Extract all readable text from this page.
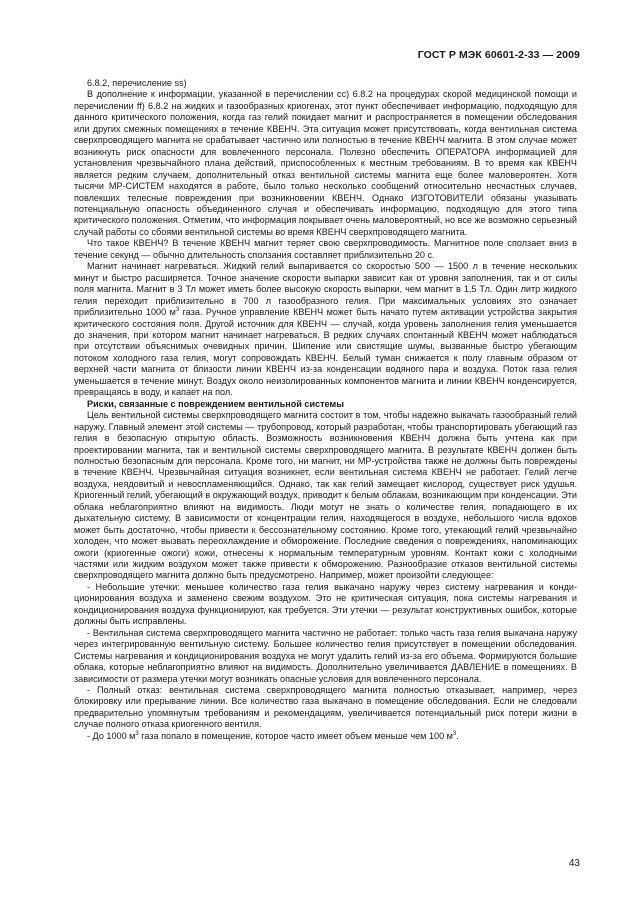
ГОСТ Р МЭК 60601-2-33 — 2009

6.8.2, перечисление ss)

В дополнение к информации, указанной в перечислении cc) 6.8.2 на процедурах скорой медицинской помощи и перечислении ff) 6.8.2 на жидких и газообразных криогенах, этот пункт обеспечивает информацию, подходящую для данного критического положения, когда газ гелий покидает магнит и распространяется в помещении обследования или других смежных помещениях в течение КВЕНЧ. Эта ситуация может присутствовать, когда вентильная система сверхпроводящего магнита не срабатывает частично или полностью в течение КВЕНЧ магнита. В этом случае может возникнуть риск опасности для вовлеченного персонала. Полезно обеспечить ОПЕРАТОРА информацией для установления чрезвычайного плана действий, приспособленных к местным требованиям. В то время как КВЕНЧ является редким случаем, дополнительный отказ вентильной системы магнита еще более маловероятен. Хотя тысячи МР-СИСТЕМ находятся в работе, было только несколько сообщений относительно несчастных случаев, повлекших телесные повреждения при возникновении КВЕНЧ. Однако ИЗГОТОВИТЕЛИ обязаны указывать потенциальную опасность объединенного случая и обеспечивать информацию, подходящую для этого типа критического положения. Отметим, что информация покрывает очень маловероятный, но все же возможно серьезный случай работы со сбоями вентильной системы во время КВЕНЧ сверхпроводящего магнита.

Что такое КВЕНЧ? В течение КВЕНЧ магнит теряет свою сверхпроводимость. Магнитное поле сползает вниз в течение секунд — обычно длительность сползания составляет приблизительно 20 с.

Магнит начинает нагреваться. Жидкий гелий выпаривается со скоростью 500 — 1500 л в течение нескольких минут и быстро расширяется. Точное значение скорости выпарки зависит как от уровня заполнения, так и от силы поля магнита. Магнит в 3 Тл может иметь более высокую скорость выпарки, чем магнит в 1,5 Тл. Один литр жидкого гелия переходит приблизительно в 700 л газообразного гелия. При максимальных условиях это означает приблизительно 1000 $м^3$ газа. Ручное управление КВЕНЧ может быть начато путем активации устройства закрытия критического состояния поля. Другой источник для КВЕНЧ — случай, когда уровень заполнения гелия уменьшается до значения, при котором магнит начинает нагреваться. В редких случаях спонтанный КВЕНЧ может наблюдаться при отсутствии объяснимых очевидных причин. Шипение или свистящие шумы, вызванные быстро убегающим потоком холодного газа гелия, могут сопровождать КВЕНЧ. Белый туман снижается к полу главным образом от верхней части магнита от близости линии КВЕНЧ из-за конденсации водяного пара и воздуха. Поток газа гелия уменьшается в течение минут. Воздух около неизолированных компонентов магнита и линии КВЕНЧ конденсируется, превращаясь в воду, и капает на пол.

Риски, связанные с повреждением вентильной системы

Цель вентильной системы сверхпроводящего магнита состоит в том, чтобы надежно выкачать газообразный гелий наружу. Главный элемент этой системы — трубопровод, который разработан, чтобы транспортировать убегающий газ гелия в безопасную открытую область. Возможность возникновения КВЕНЧ должна быть учтена как при проектировании магнита, так и вентильной системы сверхпроводящего магнита. В результате КВЕНЧ должен быть полностью безопасным для персонала. Кроме того, ни магнит, ни МР-устройства также не должны быть повреждены в течение КВЕНЧ. Чрезвычайная ситуация возникнет, если вентильная система КВЕНЧ не работает. Гелий легче воздуха, неядовитый и невоспламеняющийся. Однако, так как гелий замещает кислород, существует риск удушья. Криогенный гелий, убегающий в окружающий воздух, приводит к белым облакам, возникающим при конденсации. Эти облака неблагоприятно влияют на видимость. Люди могут не знать о количестве гелия, попадающего в их дыхательную систему. В зависимости от концентрации гелия, находящегося в воздухе, небольшого числа вдохов может быть достаточно, чтобы привести к бессознательному состоянию. Кроме того, утекающий гелий чрезвычайно холоден, что может вызвать переохлаждение и обморожение. Последние сведения о повреждениях, напоминающих ожоги (криогенные ожоги) кожи, отнесены к нормальным температурным уровням. Контакт кожи с холодными частями или жидким воздухом может также привести к обморожению. Разнообразие отказов вентильной системы сверхпроводящего магнита должно быть предусмотрено. Например, может произойти следующее:

- Небольшие утечки: меньшее количество газа гелия выкачано наружу через систему нагревания и кондиционирования воздуха и заменено свежим воздухом. Это не критическая ситуация, пока системы нагревания и кондиционирования воздуха функционируют, как требуется. Эти утечки — результат конструктивных ошибок, которые должны быть исправлены.

- Вентильная система сверхпроводящего магнита частично не работает: только часть газа гелия выкачана наружу через интегрированную вентильную систему. Большее количество гелия присутствует в помещении обследования. Системы нагревания и кондиционирования воздуха не могут удалить гелий из-за его объема. Формируются большие облака, которые неблагоприятно влияют на видимость. Дополнительно увеличивается ДАВЛЕНИЕ в помещениях. В зависимости от размера утечки могут возникать опасные условия для вовлеченного персонала.

- Полный отказ: вентильная система сверхпроводящего магнита полностью отказывает, например, через блокировку или прерывание линии. Все количество газа выкачано в помещение обследования. Если не следовали предварительно упомянутым требованиям и рекомендациям, увеличивается потенциальный риск потери жизни в случае полного отказа криогенного вентиля.

- До 1000 $м^3$ газа попало в помещение, которое часто имеет объем меньше чем 100 $м^3$.

43
